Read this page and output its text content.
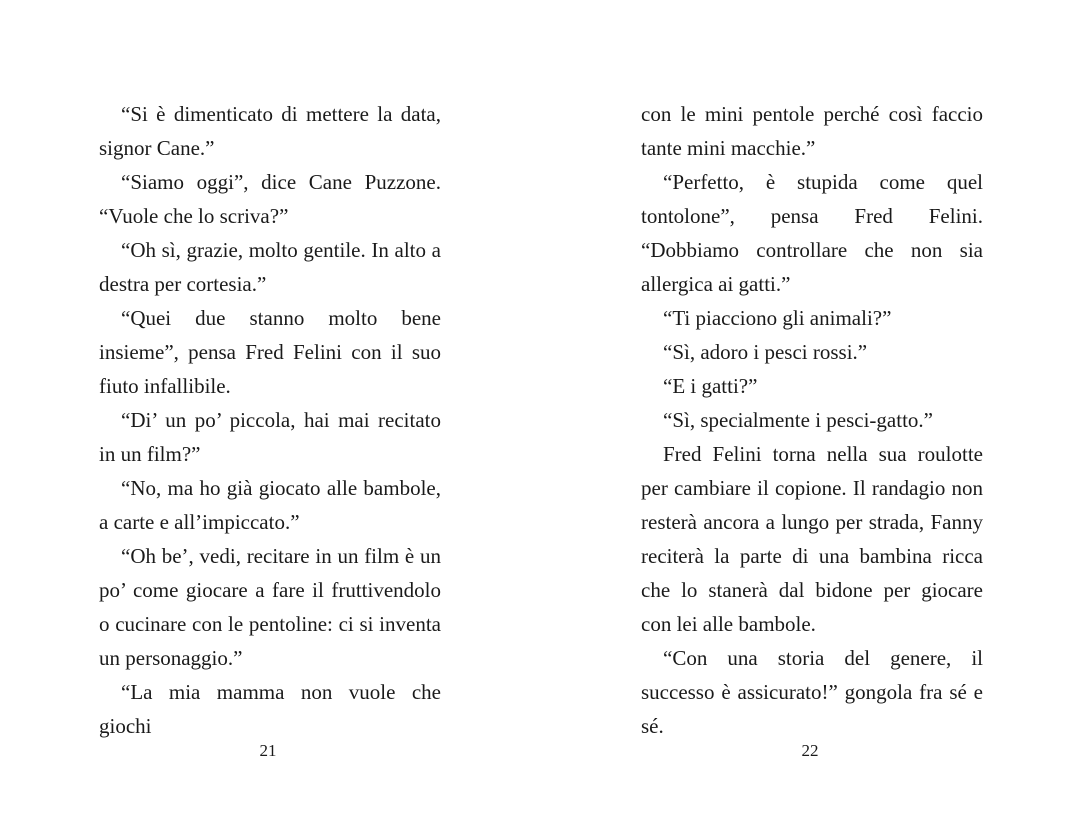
“Si è dimenticato di mettere la data, signor Cane.”

“Siamo oggi”, dice Cane Puzzone. “Vuole che lo scriva?”

“Oh sì, grazie, molto gentile. In alto a destra per cortesia.”

“Quei due stanno molto bene insieme”, pensa Fred Felini con il suo fiuto infallibile.

“Di’ un po’ piccola, hai mai recitato in un film?”

“No, ma ho già giocato alle bambole, a carte e all’impiccato.”

“Oh be’, vedi, recitare in un film è un po’ come giocare a fare il fruttivendolo o cucinare con le pentoline: ci si inventa un personaggio.”

“La mia mamma non vuole che giochi

con le mini pentole perché così faccio tante mini macchie.”

“Perfetto, è stupida come quel tontolone”, pensa Fred Felini. “Dobbiamo controllare che non sia allergica ai gatti.”

“Ti piacciono gli animali?”

“Sì, adoro i pesci rossi.”

“E i gatti?”

“Sì, specialmente i pesci-gatto.”

Fred Felini torna nella sua roulotte per cambiare il copione. Il randagio non resterà ancora a lungo per strada, Fanny reciterà la parte di una bambina ricca che lo stanerà dal bidone per giocare con lei alle bambole.

“Con una storia del genere, il successo è assicurato!” gongola fra sé e sé.

21	22
